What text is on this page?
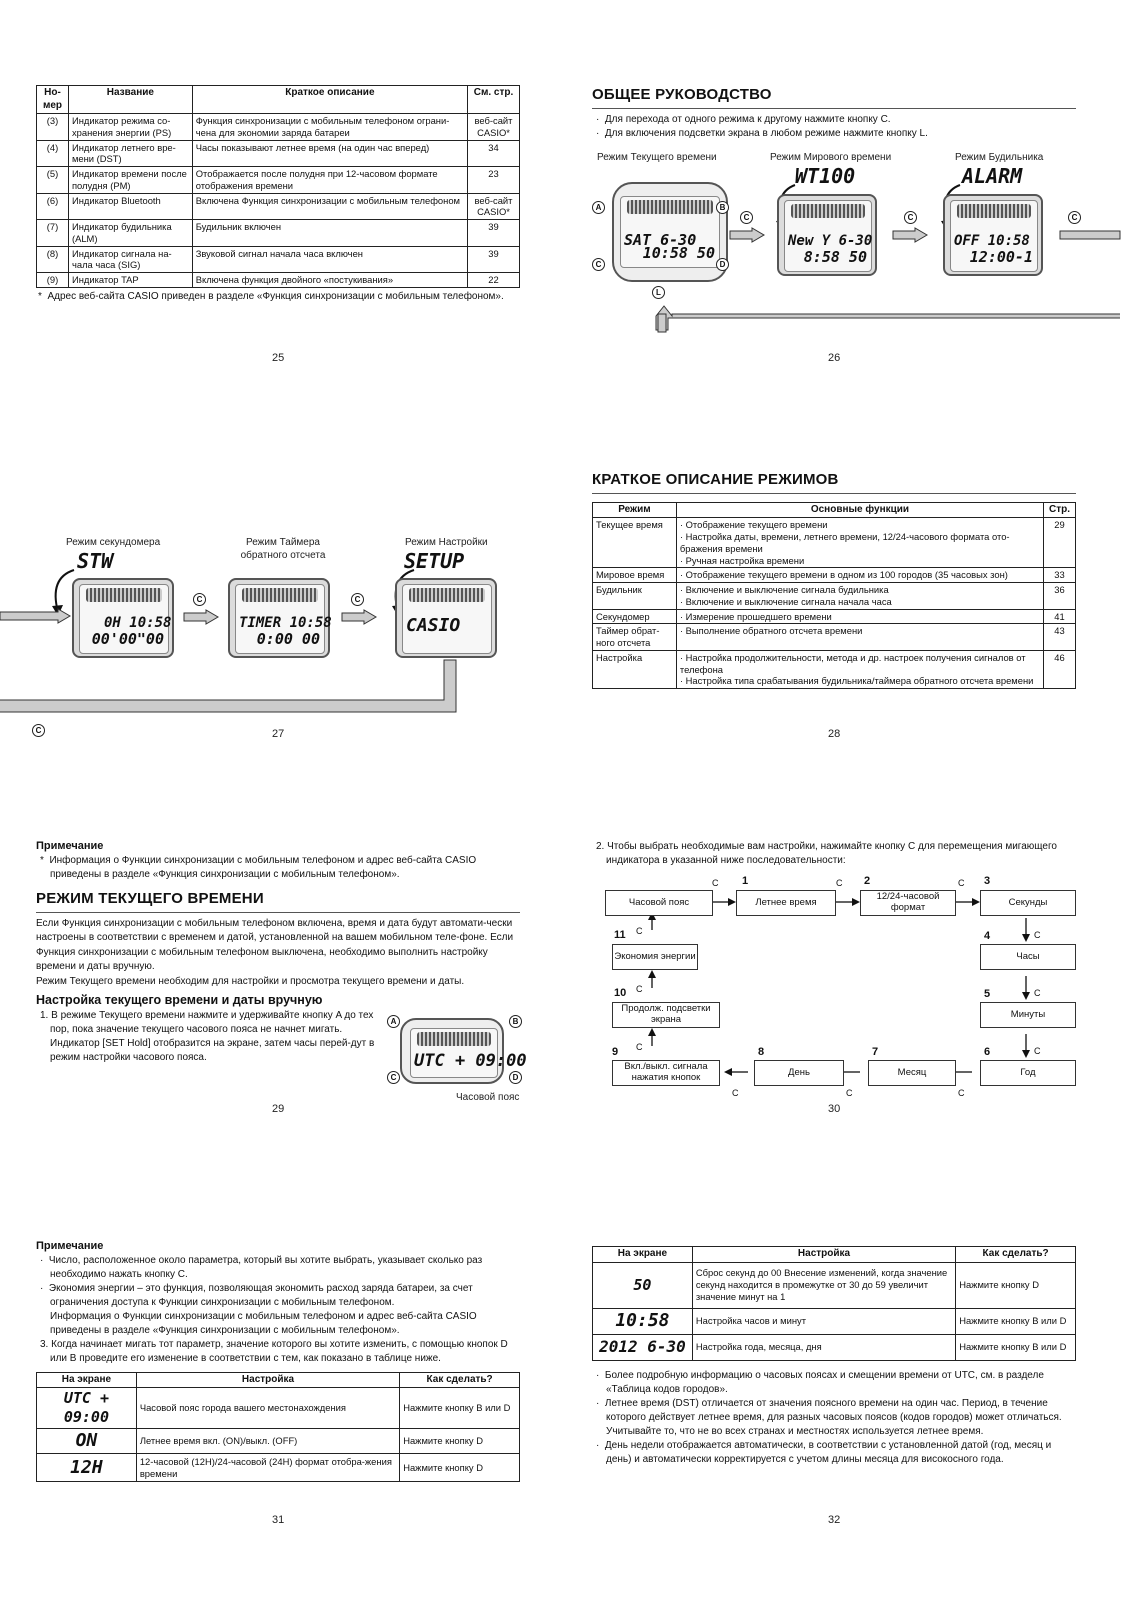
Но-мер	Название	Краткое описание	См. стр.
(3)	Индикатор режима со-хранения энергии (PS)	Функция синхронизации с мобильным телефоном ограни-чена для экономии заряда батареи	веб-сайт CASIO*
(4)	Индикатор летнего вре-мени (DST)	Часы показывают летнее время (на один час вперед)	34
(5)	Индикатор времени после полудня (PM)	Отображается после полудня при 12-часовом формате отображения времени	23
(6)	Индикатор Bluetooth	Включена Функция синхронизации с мобильным телефоном	веб-сайт CASIO*
(7)	Индикатор будильника (ALM)	Будильник включен	39
(8)	Индикатор сигнала на-чала часа (SIG)	Звуковой сигнал начала часа включен	39
(9)	Индикатор TAP	Включена функция двойного «постукивания»	22
*  Адрес веб-сайта CASIO приведен в разделе «Функция синхронизации с мобильным телефоном».
25
ОБЩЕЕ РУКОВОДСТВО
·  Для перехода от одного режима к другому нажмите кнопку C.
·  Для включения подсветки экрана в любом режиме нажмите кнопку L.
Режим Текущего времени	Режим Мирового времени	Режим Будильника
WT100	ALARM
SAT 6-30
10:58 50
A	B
C	D
L
C
New Y 6-30
8:58 50
C
OFF 10:58
12:00-1
C
26
Режим секундомера	Режим Таймера обратного отсчета
Режим Настройки
STW	SETUP
0H 10:58
00'00"00
C
TIMER 10:58
0:00 00
C
CASIO
C	27
КРАТКОЕ ОПИСАНИЕ РЕЖИМОВ
Режим	Основные функции	Стр.
Текущее время	· Отображение текущего времени
· Настройка даты, времени, летнего времени, 12/24-часового формата ото-бражения времени
· Ручная настройка времени	29
Мировое время	· Отображение текущего времени в одном из 100 городов (35 часовых зон)	33
Будильник	· Включение и выключение сигнала будильника
· Включение и выключение сигнала начала часа	36
Секундомер	· Измерение прошедшего времени	41
Таймер обрат-ного отсчета	· Выполнение обратного отсчета времени	43
Настройка	· Настройка продолжительности, метода и др. настроек получения сигналов от телефона
· Настройка типа срабатывания будильника/таймера обратного отсчета времени	46
28
Примечание
*  Информация о Функции синхронизации с мобильным телефоном и адрес веб-сайта CASIO приведены в разделе «Функция синхронизации с мобильным телефоном».
РЕЖИМ ТЕКУЩЕГО ВРЕМЕНИ

Если Функция синхронизации с мобильным телефоном включена, время и дата будут автомати-чески настроены в соответствии с временем и датой, установленной на вашем мобильном теле-фоне. Если Функция синхронизации с мобильным телефоном выключена, необходимо выполнить настройку времени и даты вручную.

Режим Текущего времени необходим для настройки и просмотра текущего времени и даты.

Настройка текущего времени и даты вручную
1. В режиме Текущего времени нажмите и удерживайте кнопку A до тех пор, пока значение текущего часового пояса не начнет мигать. Индикатор [SET Hold] отобразится на экране, затем часы перей-дут в режим настройки часового пояса.	UTC + 09:00
A	B
C	D
Часовой пояс
29
2. Чтобы выбрать необходимые вам настройки, нажимайте кнопку C для перемещения мигающего индикатора в указанной ниже последовательности:
Часовой пояс
1
Летнее время
2
12/24-часовой формат
3
Секунды
4
Часы
5
Минуты
6
Год
7
Месяц
8
День
9
Вкл./выкл. сигнала нажатия кнопок
10
Продолж. подсветки экрана
11
Экономия энергии
C	C	C
C
C
C
C
C
C
C
C
C
30
Примечание
·  Число, расположенное около параметра, который вы хотите выбрать, указывает сколько раз необходимо нажать кнопку C.
·  Экономия энергии – это функция, позволяющая экономить расход заряда батареи, за счет ограничения доступа к Функции синхронизации с мобильным телефоном.
Информация о Функции синхронизации с мобильным телефоном и адрес веб-сайта CASIO приведены в разделе «Функция синхронизации с мобильным телефоном».
3. Когда начинает мигать тот параметр, значение которого вы хотите изменить, с помощью кнопок D или B проведите его изменение в соответствии с тем, как показано в таблице ниже.
На экране	Настройка	Как сделать?
UTC + 09:00	Часовой пояс города вашего местонахождения	Нажмите кнопку B или D
ON	Летнее время вкл. (ON)/выкл. (OFF)	Нажмите кнопку D
12H	12-часовой (12H)/24-часовой (24H) формат отобра-жения времени	Нажмите кнопку D
31
На экране	Настройка	Как сделать?
50	Сброс секунд до 00 Внесение изменений, когда значение секунд находится в промежутке от 30 до 59 увеличит значение минут на 1	Нажмите кнопку D
10:58	Настройка часов и минут	Нажмите кнопку B или D
2012 6-30	Настройка года, месяца, дня	Нажмите кнопку B или D
·  Более подробную информацию о часовых поясах и смещении времени от UTC, см. в разделе «Таблица кодов городов».
·  Летнее время (DST) отличается от значения поясного времени на один час. Период, в течение которого действует летнее время, для разных часовых поясов (кодов городов) может отличаться. Учитывайте то, что не во всех странах и местностях используется летнее время.
·  День недели отображается автоматически, в соответствии с установленной датой (год, месяц и день) и автоматически корректируется с учетом длины месяца для високосного года.
32
